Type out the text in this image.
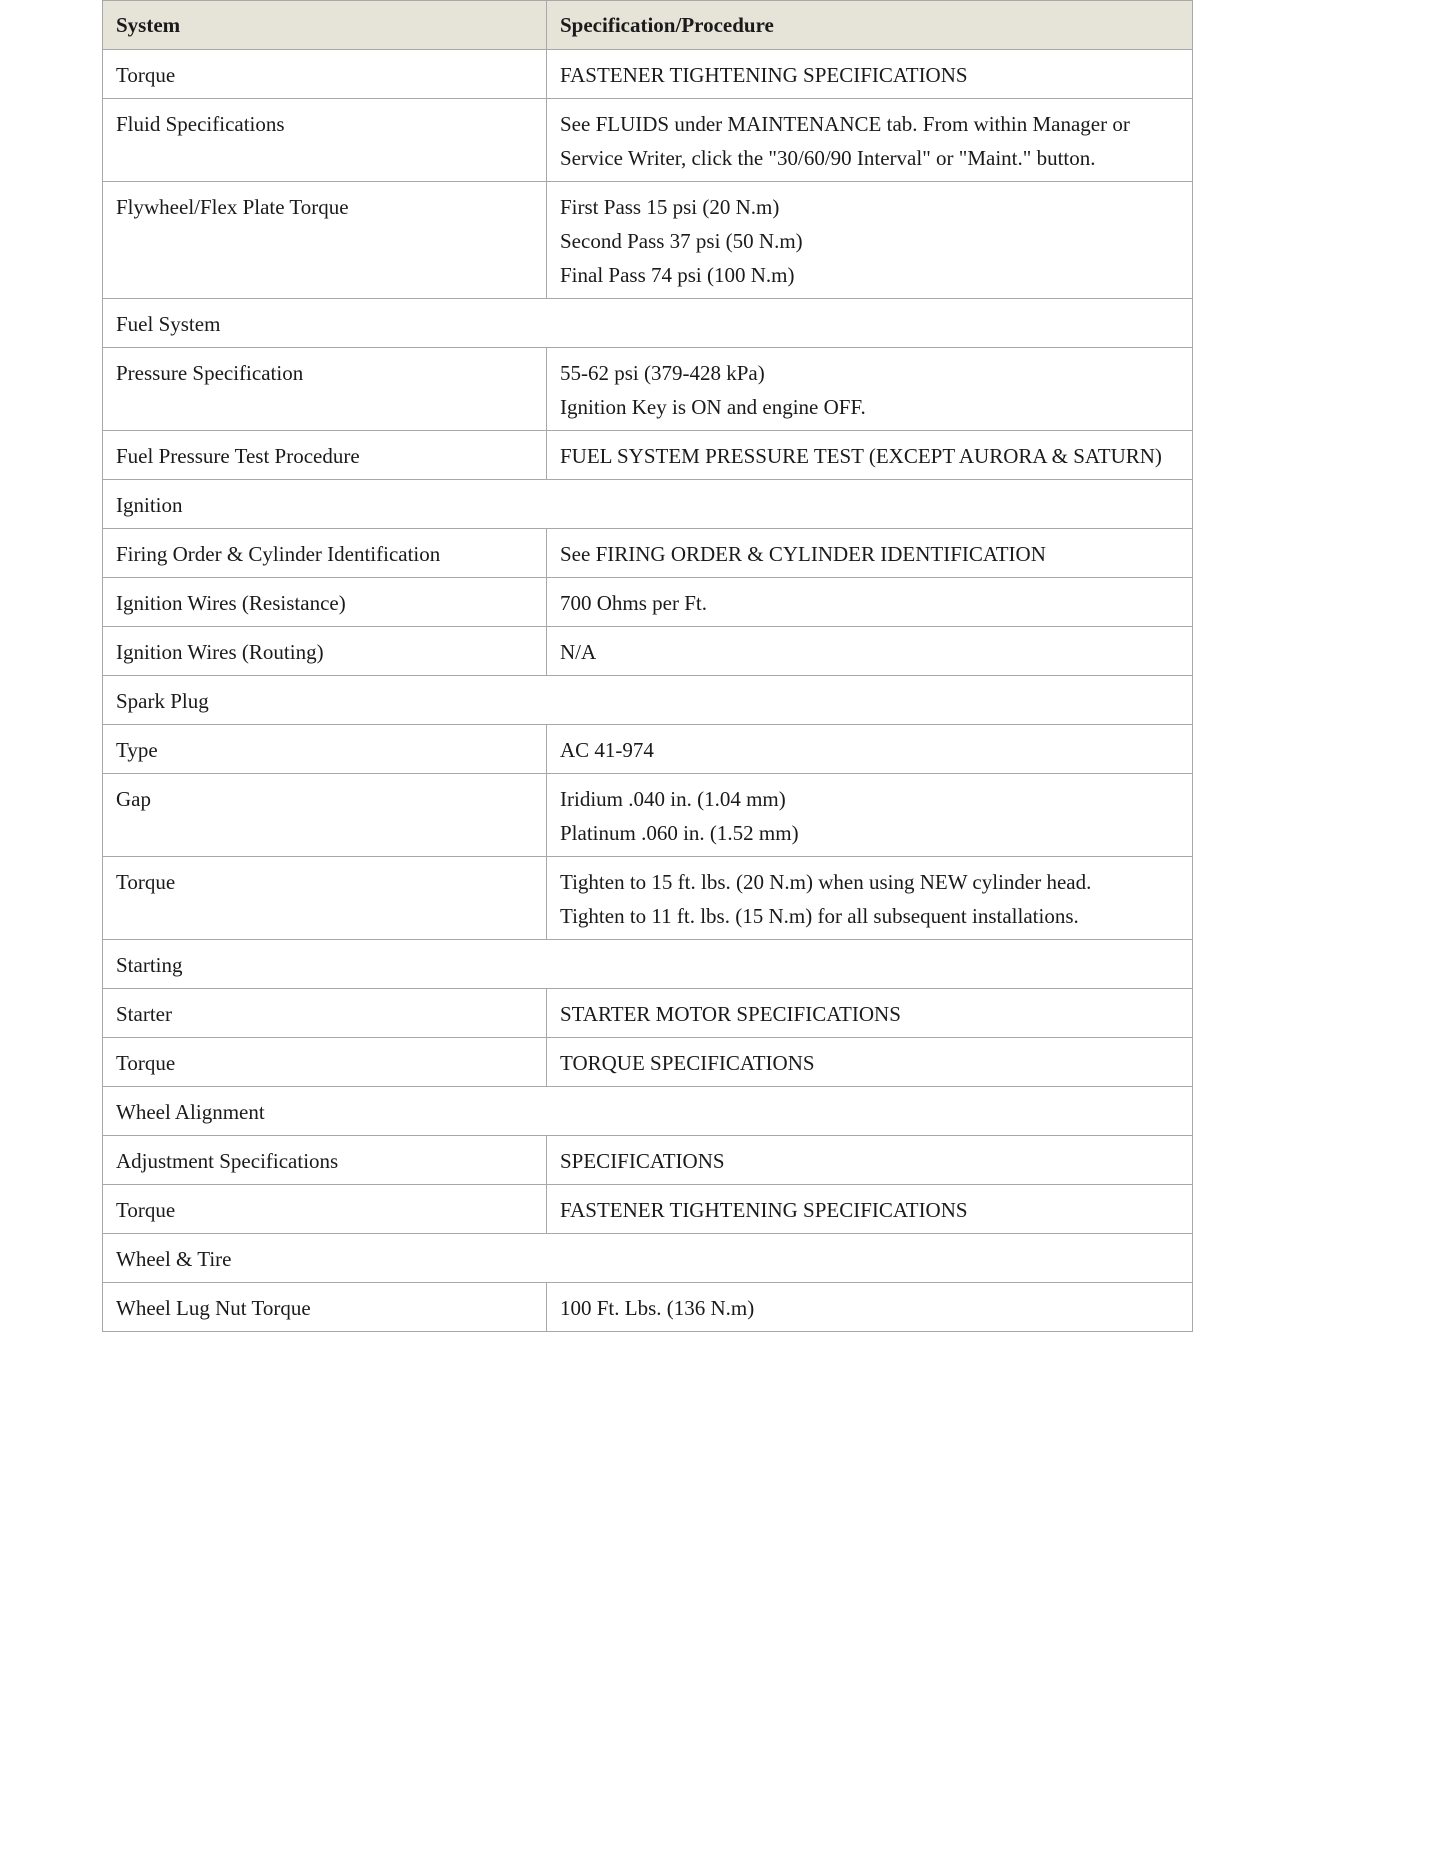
System	Specification/Procedure
Torque	FASTENER TIGHTENING SPECIFICATIONS

Fluid Specifications	See FLUIDS under MAINTENANCE tab. From within Manager or Service Writer, click the "30/60/90 Interval" or "Maint." button.

Flywheel/Flex Plate Torque	First Pass 15 psi (20 N.m)
Second Pass 37 psi (50 N.m)
Final Pass 74 psi (100 N.m)

Fuel System	
Pressure Specification	55-62 psi (379-428 kPa)
Ignition Key is ON and engine OFF.

Fuel Pressure Test Procedure	FUEL SYSTEM PRESSURE TEST (EXCEPT AURORA & SATURN)

Ignition	
Firing Order & Cylinder Identification	See FIRING ORDER & CYLINDER IDENTIFICATION

Ignition Wires (Resistance)	700 Ohms per Ft.

Ignition Wires (Routing)	N/A

Spark Plug	
Type	AC 41-974

Gap	Iridium .040 in. (1.04 mm)
Platinum .060 in. (1.52 mm)

Torque	Tighten to 15 ft. lbs. (20 N.m) when using NEW cylinder head.
Tighten to 11 ft. lbs. (15 N.m) for all subsequent installations.

Starting	
Starter	STARTER MOTOR SPECIFICATIONS

Torque	TORQUE SPECIFICATIONS

Wheel Alignment	
Adjustment Specifications	SPECIFICATIONS

Torque	FASTENER TIGHTENING SPECIFICATIONS

Wheel & Tire	
Wheel Lug Nut Torque	100 Ft. Lbs. (136 N.m)
